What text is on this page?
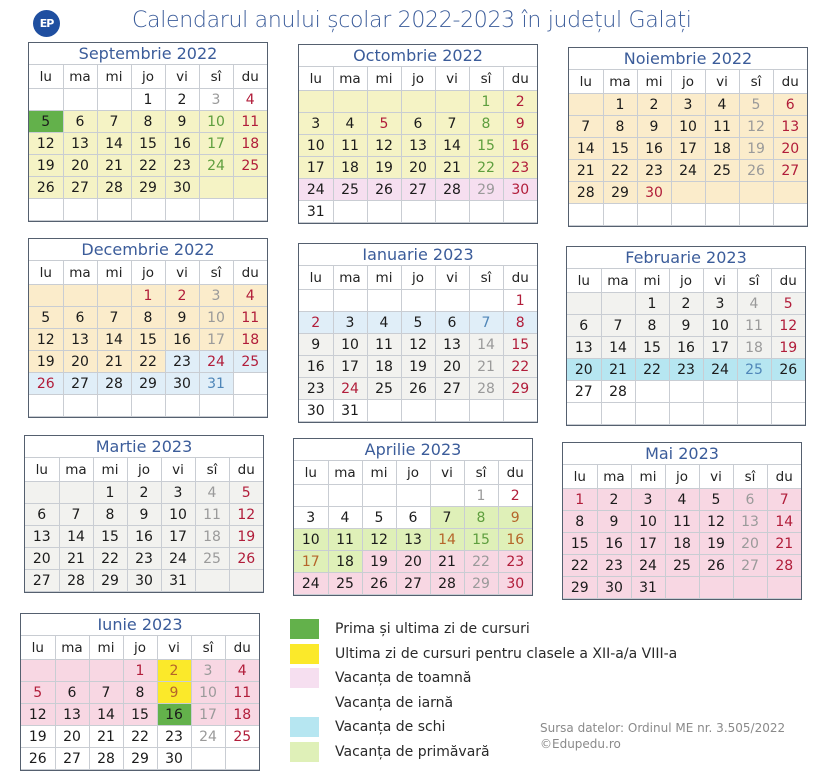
EP	Calendarul anului școlar 2022-2023 în județul Galați
Septembrie 2022
lu	ma	mi	jo	vi	sî	du
			1	2	3	4
5	6	7	8	9	10	11
12	13	14	15	16	17	18
19	20	21	22	23	24	25
26	27	28	29	30		

Octombrie 2022
lu	ma	mi	jo	vi	sî	du
					1	2
3	4	5	6	7	8	9
10	11	12	13	14	15	16
17	18	19	20	21	22	23
24	25	26	27	28	29	30
31						
Noiembrie 2022
lu	ma	mi	jo	vi	sî	du
	1	2	3	4	5	6
7	8	9	10	11	12	13
14	15	16	17	18	19	20
21	22	23	24	25	26	27
28	29	30				

Decembrie 2022
lu	ma	mi	jo	vi	sî	du
			1	2	3	4
5	6	7	8	9	10	11
12	13	14	15	16	17	18
19	20	21	22	23	24	25
26	27	28	29	30	31	

Ianuarie 2023
lu	ma	mi	jo	vi	sî	du
						1
2	3	4	5	6	7	8
9	10	11	12	13	14	15
16	17	18	19	20	21	22
23	24	25	26	27	28	29
30	31					
Februarie 2023
lu	ma	mi	jo	vi	sî	du
		1	2	3	4	5
6	7	8	9	10	11	12
13	14	15	16	17	18	19
20	21	22	23	24	25	26
27	28					

Martie 2023
lu	ma	mi	jo	vi	sî	du
		1	2	3	4	5
6	7	8	9	10	11	12
13	14	15	16	17	18	19
20	21	22	23	24	25	26
27	28	29	30	31		
Aprilie 2023
lu	ma	mi	jo	vi	sî	du
					1	2
3	4	5	6	7	8	9
10	11	12	13	14	15	16
17	18	19	20	21	22	23
24	25	26	27	28	29	30
Mai 2023
lu	ma	mi	jo	vi	sî	du
1	2	3	4	5	6	7
8	9	10	11	12	13	14
15	16	17	18	19	20	21
22	23	24	25	26	27	28
29	30	31				
Iunie 2023
lu	ma	mi	jo	vi	sî	du
			1	2	3	4
5	6	7	8	9	10	11
12	13	14	15	16	17	18
19	20	21	22	23	24	25
26	27	28	29	30		
Prima și ultima zi de cursuri
Ultima zi de cursuri pentru clasele a XII-a/a VIII-a
Vacanța de toamnă
Vacanța de iarnă
Vacanța de schi
Vacanța de primăvară
Sursa datelor: Ordinul ME nr. 3.505/2022
©Edupedu.ro
